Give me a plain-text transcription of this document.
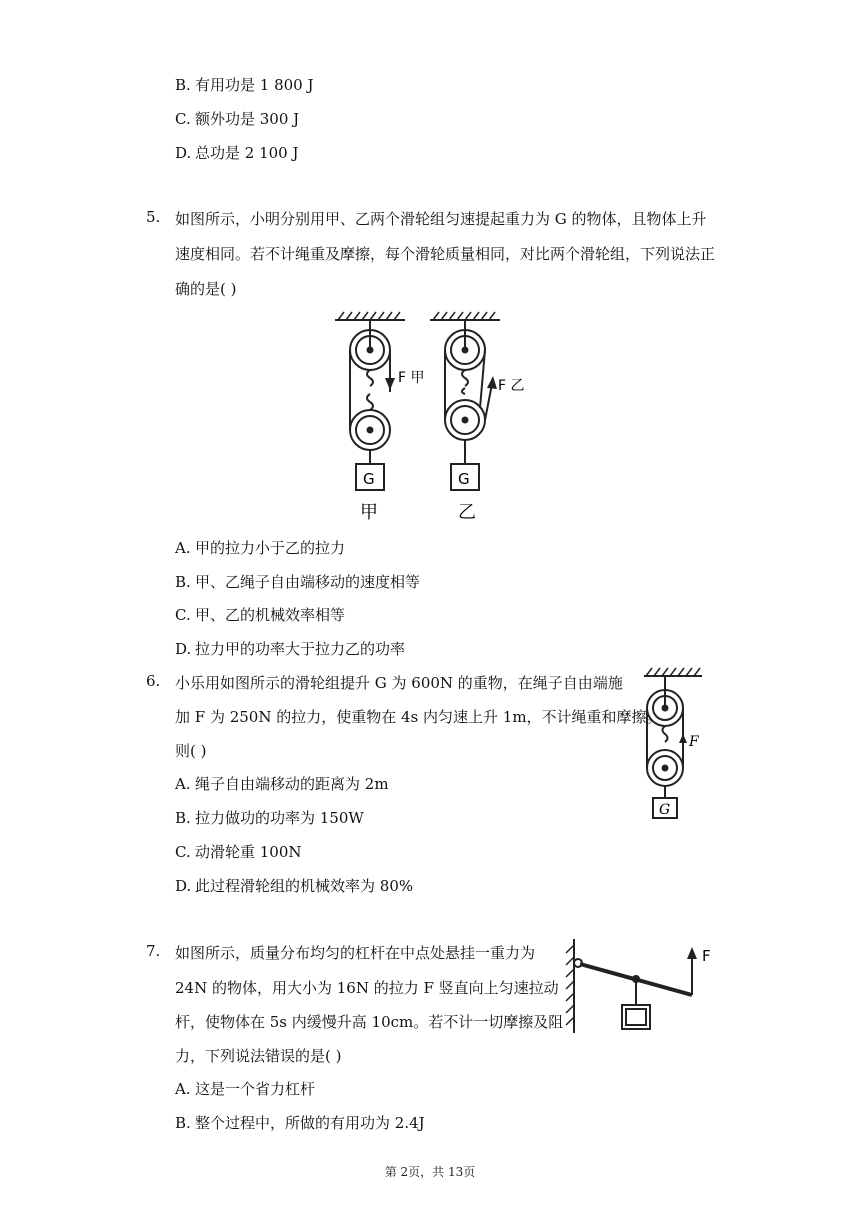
B. 有用功是 1 800 J
C. 额外功是 300 J
D. 总功是 2 100 J
5. 如图所示，小明分别用甲、乙两个滑轮组匀速提起重力为 G 的物体，且物体上升
速度相同。若不计绳重及摩擦，每个滑轮质量相同，对比两个滑轮组，下列说法正
确的是( )
F 甲
G
甲
F 乙
G
乙
A. 甲的拉力小于乙的拉力
B. 甲、乙绳子自由端移动的速度相等
C. 甲、乙的机械效率相等
D. 拉力甲的功率大于拉力乙的功率
6. 小乐用如图所示的滑轮组提升 G 为 600N 的重物，在绳子自由端施
加 F 为 250N 的拉力，使重物在 4s 内匀速上升 1m，不计绳重和摩擦。
则( )	F
G
A. 绳子自由端移动的距离为 2m
B. 拉力做功的功率为 150W
C. 动滑轮重 100N
D. 此过程滑轮组的机械效率为 80%
7. 如图所示，质量分布均匀的杠杆在中点处悬挂一重力为
24N 的物体，用大小为 16N 的拉力 F 竖直向上匀速拉动
杆，使物体在 5s 内缓慢升高 10cm。若不计一切摩擦及阻
力，下列说法错误的是( )
F
A. 这是一个省力杠杆
B. 整个过程中，所做的有用功为 2.4J
第 2页，共 13页
